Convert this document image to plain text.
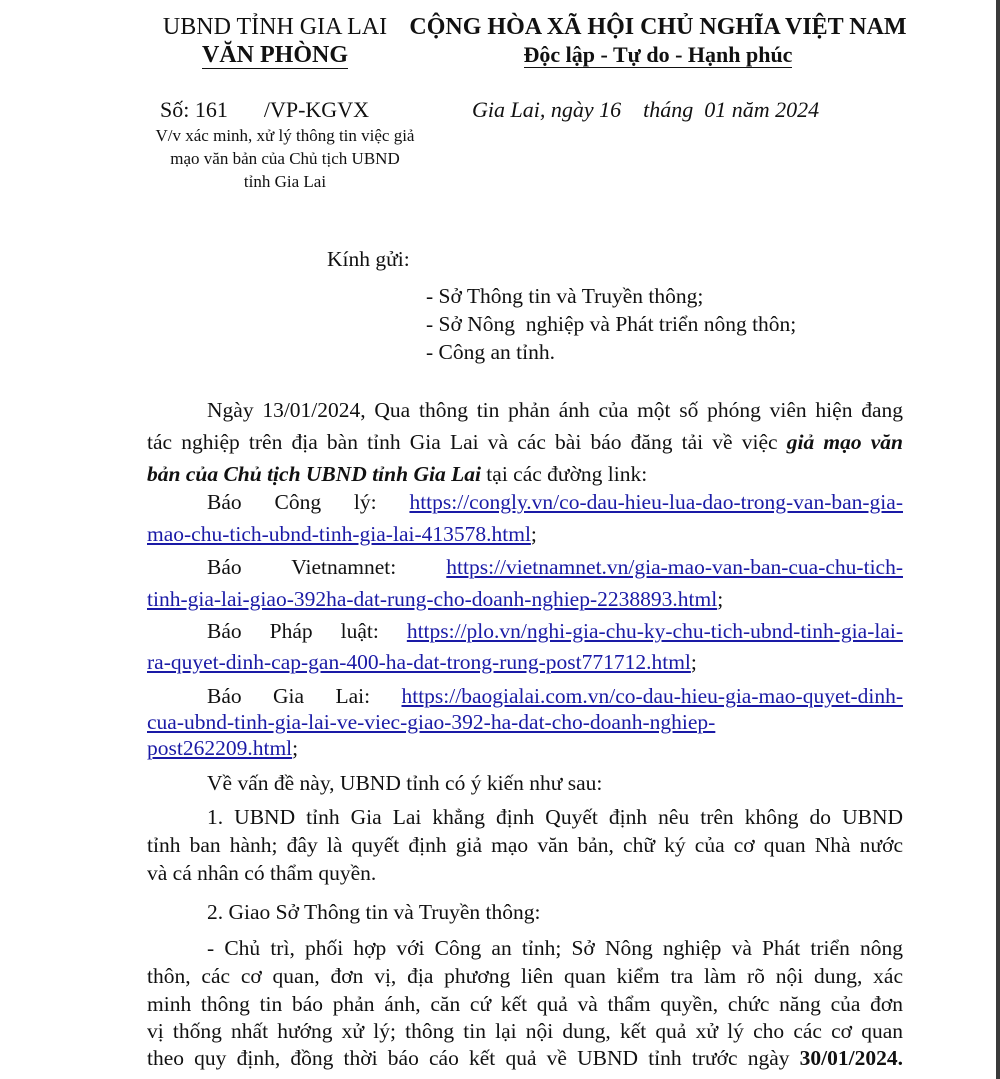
UBND TỈNH GIA LAI
VĂN PHÒNG
CỘNG HÒA XÃ HỘI CHỦ NGHĨA VIỆT NAM
Độc lập - Tự do - Hạnh phúc
Số: 161 /VP-KGVX	Gia Lai, ngày 16    tháng  01 năm 2024
V/v xác minh, xử lý thông tin việc giả
mạo văn bản của Chủ tịch UBND
tỉnh Gia Lai
Kính gửi:
- Sở Thông tin và Truyền thông;
- Sở Nông  nghiệp và Phát triển nông thôn;
- Công an tỉnh.
Ngày 13/01/2024, Qua thông tin phản ánh của một số phóng viên hiện đang
tác nghiệp trên địa bàn tỉnh Gia Lai và các bài báo đăng tải về việc giả mạo văn
bản của Chủ tịch UBND tỉnh Gia Lai tại các đường link:
Báo  Công  lý:  https://congly.vn/co-dau-hieu-lua-dao-trong-van-ban-gia-
mao-chu-tich-ubnd-tinh-gia-lai-413578.html;
Báo   Vietnamnet:   https://vietnamnet.vn/gia-mao-van-ban-cua-chu-tich-
tinh-gia-lai-giao-392ha-dat-rung-cho-doanh-nghiep-2238893.html;
Báo  Pháp  luật:  https://plo.vn/nghi-gia-chu-ky-chu-tich-ubnd-tinh-gia-lai-
ra-quyet-dinh-cap-gan-400-ha-dat-trong-rung-post771712.html;
Báo  Gia  Lai:  https://baogialai.com.vn/co-dau-hieu-gia-mao-quyet-dinh-
cua-ubnd-tinh-gia-lai-ve-viec-giao-392-ha-dat-cho-doanh-nghiep-
post262209.html;
Về vấn đề này, UBND tỉnh có ý kiến như sau:
1. UBND tỉnh Gia Lai khẳng định Quyết định nêu trên không do UBND
tỉnh ban hành; đây là quyết định giả mạo văn bản, chữ ký của cơ quan Nhà nước
và cá nhân có thẩm quyền.
2. Giao Sở Thông tin và Truyền thông:
- Chủ trì, phối hợp với Công an tỉnh; Sở Nông nghiệp và Phát triển nông
thôn, các cơ quan, đơn vị, địa phương liên quan kiểm tra làm rõ nội dung, xác
minh thông tin báo phản ánh, căn cứ kết quả và thẩm quyền, chức năng của đơn
vị thống nhất hướng xử lý; thông tin lại nội dung, kết quả xử lý cho các cơ quan
theo quy định, đồng thời báo cáo kết quả về UBND tỉnh trước ngày 30/01/2024.
